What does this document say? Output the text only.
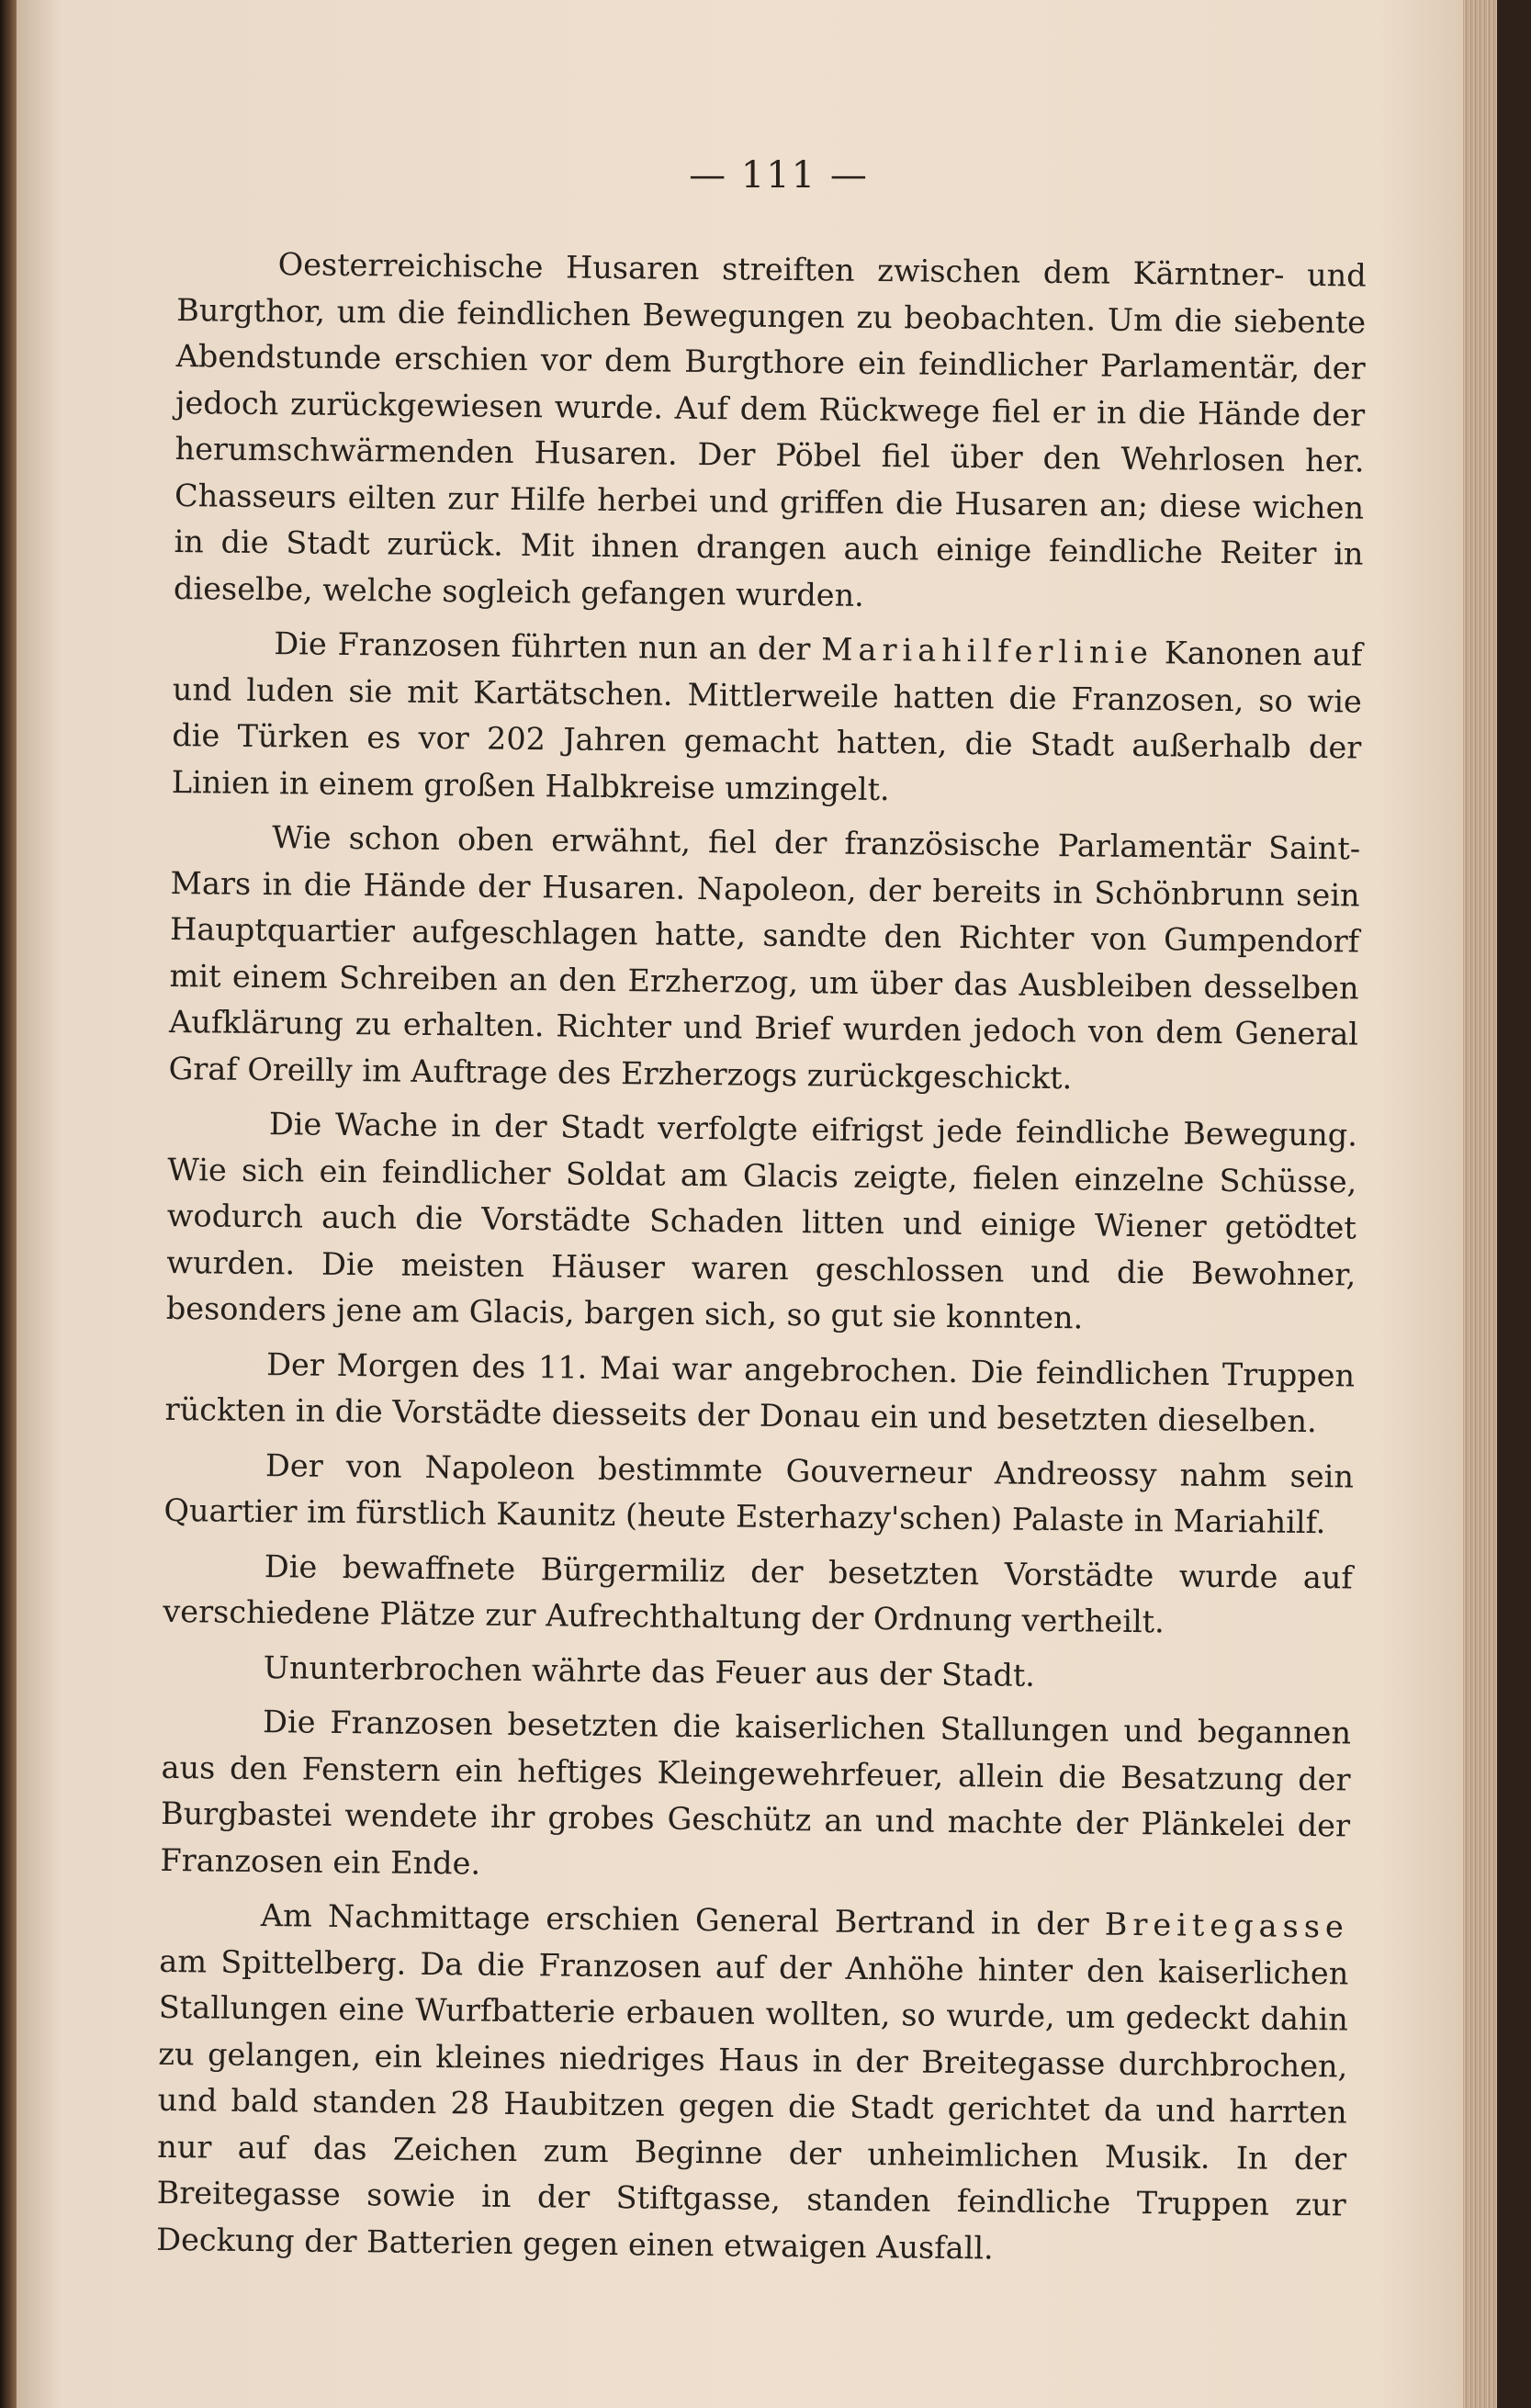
— 111 —

Oesterreichische Husaren streiften zwischen dem Kärntner- und Burgthor, um die feindlichen Bewegungen zu beobachten. Um die siebente Abendstunde erschien vor dem Burgthore ein feindlicher Parlamentär, der jedoch zurückgewiesen wurde. Auf dem Rückwege fiel er in die Hände der herumschwärmenden Husaren. Der Pöbel fiel über den Wehrlosen her. Chasseurs eilten zur Hilfe herbei und griffen die Husaren an; diese wichen in die Stadt zurück. Mit ihnen drangen auch einige feindliche Reiter in dieselbe, welche sogleich gefangen wurden.

Die Franzosen führten nun an der Mariahilferlinie Kanonen auf und luden sie mit Kartätschen. Mittlerweile hatten die Franzosen, so wie die Türken es vor 202 Jahren gemacht hatten, die Stadt außerhalb der Linien in einem großen Halbkreise umzingelt.

Wie schon oben erwähnt, fiel der französische Parlamentär Saint-Mars in die Hände der Husaren. Napoleon, der bereits in Schönbrunn sein Hauptquartier aufgeschlagen hatte, sandte den Richter von Gumpendorf mit einem Schreiben an den Erzherzog, um über das Ausbleiben desselben Aufklärung zu erhalten. Richter und Brief wurden jedoch von dem General Graf Oreilly im Auftrage des Erzherzogs zurückgeschickt.

Die Wache in der Stadt verfolgte eifrigst jede feindliche Bewegung. Wie sich ein feindlicher Soldat am Glacis zeigte, fielen einzelne Schüsse, wodurch auch die Vorstädte Schaden litten und einige Wiener getödtet wurden. Die meisten Häuser waren geschlossen und die Bewohner, besonders jene am Glacis, bargen sich, so gut sie konnten.

Der Morgen des 11. Mai war angebrochen. Die feindlichen Truppen rückten in die Vorstädte diesseits der Donau ein und besetzten dieselben.

Der von Napoleon bestimmte Gouverneur Andreossy nahm sein Quartier im fürstlich Kaunitz (heute Esterhazy'schen) Palaste in Mariahilf.

Die bewaffnete Bürgermiliz der besetzten Vorstädte wurde auf verschiedene Plätze zur Aufrechthaltung der Ordnung vertheilt.

Ununterbrochen währte das Feuer aus der Stadt.

Die Franzosen besetzten die kaiserlichen Stallungen und begannen aus den Fenstern ein heftiges Kleingewehrfeuer, allein die Besatzung der Burgbastei wendete ihr grobes Geschütz an und machte der Plänkelei der Franzosen ein Ende.

Am Nachmittage erschien General Bertrand in der Breitegasse am Spittelberg. Da die Franzosen auf der Anhöhe hinter den kaiserlichen Stallungen eine Wurfbatterie erbauen wollten, so wurde, um gedeckt dahin zu gelangen, ein kleines niedriges Haus in der Breitegasse durchbrochen, und bald standen 28 Haubitzen gegen die Stadt gerichtet da und harrten nur auf das Zeichen zum Beginne der unheimlichen Musik. In der Breitegasse sowie in der Stiftgasse, standen feindliche Truppen zur Deckung der Batterien gegen einen etwaigen Ausfall.
